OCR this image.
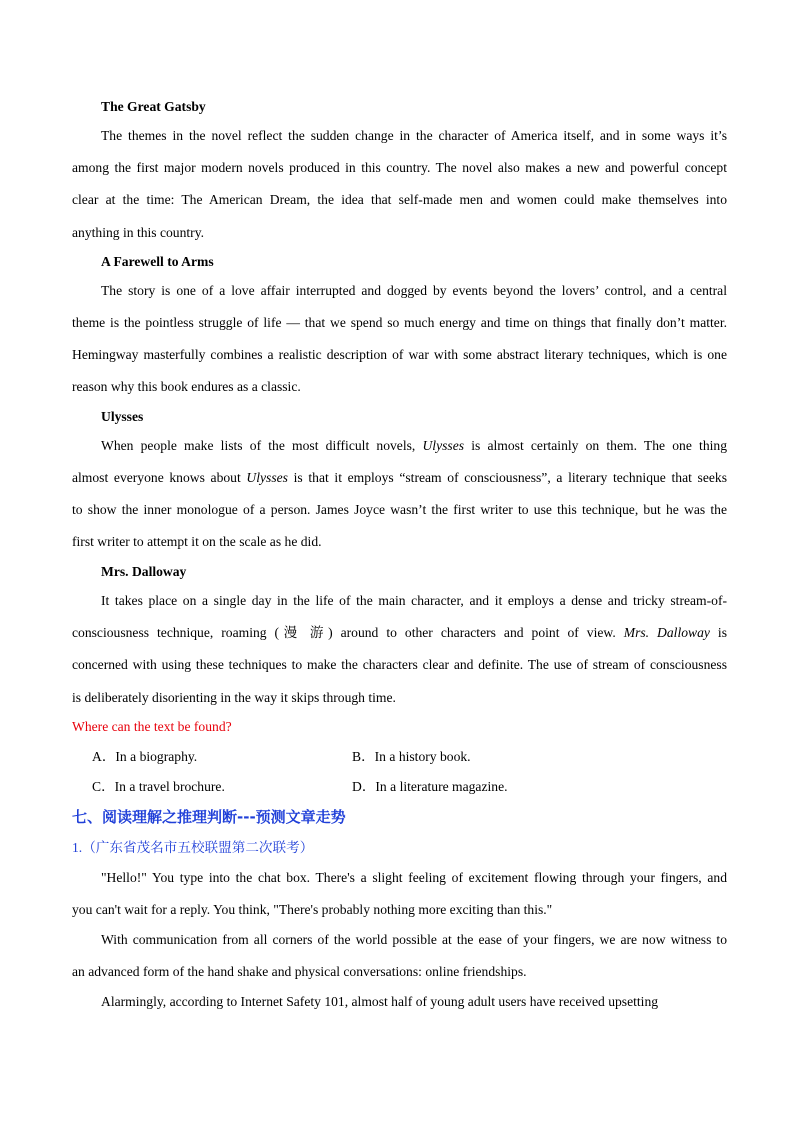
The Great Gatsby
The themes in the novel reflect the sudden change in the character of America itself, and in some ways it’s
among the first major modern novels produced in this country. The novel also makes a new and powerful concept
clear at the time: The American Dream, the idea that self-made men and women could make themselves into
anything in this country.
A Farewell to Arms
The story is one of a love affair interrupted and dogged by events beyond the lovers’ control, and a central
theme is the pointless struggle of life — that we spend so much energy and time on things that finally don’t matter.
Hemingway masterfully combines a realistic description of war with some abstract literary techniques, which is one
reason why this book endures as a classic.
Ulysses
When people make lists of the most difficult novels, Ulysses is almost certainly on them. The one thing
almost everyone knows about Ulysses is that it employs “stream of consciousness”, a literary technique that seeks
to show the inner monologue of a person. James Joyce wasn’t the first writer to use this technique, but he was the
first writer to attempt it on the scale as he did.
Mrs. Dalloway
It takes place on a single day in the life of the main character, and it employs a dense and tricky stream-of-
consciousness technique, roaming (漫 游) around to other characters and point of view. Mrs. Dalloway is
concerned with using these techniques to make the characters clear and definite. The use of stream of consciousness
is deliberately disorienting in the way it skips through time.
Where can the text be found?
A．In a biography.	B．In a history book.
C．In a travel brochure.	D．In a literature magazine.
七、阅读理解之推理判断---预测文章走势
1.（广东省茂名市五校联盟第二次联考）
"Hello!" You type into the chat box. There's a slight feeling of excitement flowing through your fingers, and
you can't wait for a reply. You think, "There's probably nothing more exciting than this."
With communication from all corners of the world possible at the ease of your fingers, we are now witness to
an advanced form of the hand shake and physical conversations: online friendships.
Alarmingly, according to Internet Safety 101, almost half of young adult users have received upsetting
